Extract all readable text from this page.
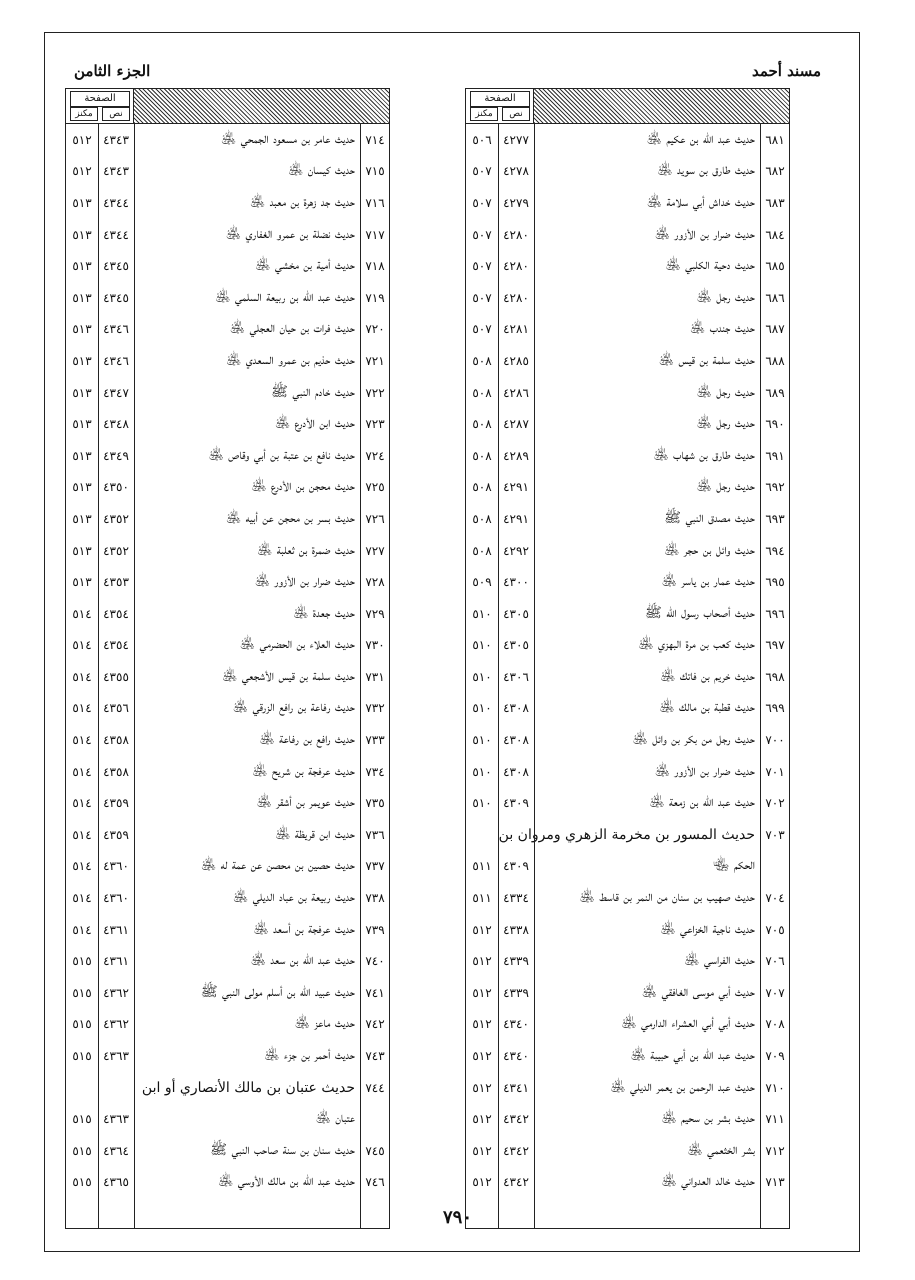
مسند أحمد
الجزء الثامن
الصفحة
نص
مكنز
٦٨١
حديث عبد الله بن عكيم ﵁
٤٢٧٧
٥٠٦
٦٨٢
حديث طارق بن سويد ﵁
٤٢٧٨
٥٠٧
٦٨٣
حديث خداش أبي سلامة ﵁
٤٢٧٩
٥٠٧
٦٨٤
حديث ضرار بن الأزور ﵁
٤٢٨٠
٥٠٧
٦٨٥
حديث دحية الكلبي ﵁
٤٢٨٠
٥٠٧
٦٨٦
حديث رجل ﵁
٤٢٨٠
٥٠٧
٦٨٧
حديث جندب ﵁
٤٢٨١
٥٠٧
٦٨٨
حديث سلمة بن قيس ﵁
٤٢٨٥
٥٠٨
٦٨٩
حديث رجل ﵁
٤٢٨٦
٥٠٨
٦٩٠
حديث رجل ﵁
٤٢٨٧
٥٠٨
٦٩١
حديث طارق بن شهاب ﵁
٤٢٨٩
٥٠٨
٦٩٢
حديث رجل ﵁
٤٢٩١
٥٠٨
٦٩٣
حديث مصدق النبي ﷺ
٤٢٩١
٥٠٨
٦٩٤
حديث وائل بن حجر ﵁
٤٢٩٢
٥٠٨
٦٩٥
حديث عمار بن ياسر ﵁
٤٣٠٠
٥٠٩
٦٩٦
حديث أصحاب رسول الله ﷺ
٤٣٠٥
٥١٠
٦٩٧
حديث كعب بن مرة البهزي ﵁
٤٣٠٥
٥١٠
٦٩٨
حديث خريم بن فاتك ﵁
٤٣٠٦
٥١٠
٦٩٩
حديث قطبة بن مالك ﵁
٤٣٠٨
٥١٠
٧٠٠
حديث رجل من بكر بن وائل ﵁
٤٣٠٨
٥١٠
٧٠١
حديث ضرار بن الأزور ﵁
٤٣٠٨
٥١٠
٧٠٢
حديث عبد الله بن زمعة ﵁
٤٣٠٩
٥١٠
٧٠٣
حديث المسور بن مخرمة الزهري ومروان بن
الحكم ﵄
٤٣٠٩
٥١١
٧٠٤
حديث صهيب بن سنان من النمر بن قاسط ﵁
٤٣٣٤
٥١١
٧٠٥
حديث ناجية الخزاعي ﵁
٤٣٣٨
٥١٢
٧٠٦
حديث الفراسي ﵁
٤٣٣٩
٥١٢
٧٠٧
حديث أبي موسى الغافقي ﵁
٤٣٣٩
٥١٢
٧٠٨
حديث أبي أبي العشراء الدارمي ﵁
٤٣٤٠
٥١٢
٧٠٩
حديث عبد الله بن أبي حبيبة ﵁
٤٣٤٠
٥١٢
٧١٠
حديث عبد الرحمن بن يعمر الديلي ﵁
٤٣٤١
٥١٢
٧١١
حديث بشر بن سحيم ﵁
٤٣٤٢
٥١٢
٧١٢
بشر الخثعمي ﵁
٤٣٤٢
٥١٢
٧١٣
حديث خالد العدواني ﵁
٤٣٤٢
٥١٢
الصفحة
نص
مكنز
٧١٤
حديث عامر بن مسعود الجمحي ﵁
٤٣٤٣
٥١٢
٧١٥
حديث كيسان ﵁
٤٣٤٣
٥١٢
٧١٦
حديث جد زهرة بن معبد ﵁
٤٣٤٤
٥١٣
٧١٧
حديث نضلة بن عمرو الغفاري ﵁
٤٣٤٤
٥١٣
٧١٨
حديث أمية بن مخشي ﵁
٤٣٤٥
٥١٣
٧١٩
حديث عبد الله بن ربيعة السلمي ﵁
٤٣٤٥
٥١٣
٧٢٠
حديث فرات بن حيان العجلي ﵁
٤٣٤٦
٥١٣
٧٢١
حديث حذيم بن عمرو السعدي ﵁
٤٣٤٦
٥١٣
٧٢٢
حديث خادم النبي ﷺ
٤٣٤٧
٥١٣
٧٢٣
حديث ابن الأدرع ﵁
٤٣٤٨
٥١٣
٧٢٤
حديث نافع بن عتبة بن أبي وقاص ﵁
٤٣٤٩
٥١٣
٧٢٥
حديث محجن بن الأدرع ﵁
٤٣٥٠
٥١٣
٧٢٦
حديث بسر بن محجن عن أبيه ﵁
٤٣٥٢
٥١٣
٧٢٧
حديث ضمرة بن ثعلبة ﵁
٤٣٥٢
٥١٣
٧٢٨
حديث ضرار بن الأزور ﵁
٤٣٥٣
٥١٣
٧٢٩
حديث جعدة ﵁
٤٣٥٤
٥١٤
٧٣٠
حديث العلاء بن الحضرمي ﵁
٤٣٥٤
٥١٤
٧٣١
حديث سلمة بن قيس الأشجعي ﵁
٤٣٥٥
٥١٤
٧٣٢
حديث رفاعة بن رافع الزرقي ﵁
٤٣٥٦
٥١٤
٧٣٣
حديث رافع بن رفاعة ﵁
٤٣٥٨
٥١٤
٧٣٤
حديث عرفجة بن شريح ﵁
٤٣٥٨
٥١٤
٧٣٥
حديث عويمر بن أشقر ﵁
٤٣٥٩
٥١٤
٧٣٦
حديث ابن قريظة ﵁
٤٣٥٩
٥١٤
٧٣٧
حديث حصين بن محصن عن عمة له ﵁
٤٣٦٠
٥١٤
٧٣٨
حديث ربيعة بن عباد الديلي ﵁
٤٣٦٠
٥١٤
٧٣٩
حديث عرفجة بن أسعد ﵁
٤٣٦١
٥١٤
٧٤٠
حديث عبد الله بن سعد ﵁
٤٣٦١
٥١٥
٧٤١
حديث عبيد الله بن أسلم مولى النبي ﷺ
٤٣٦٢
٥١٥
٧٤٢
حديث ماعز ﵁
٤٣٦٢
٥١٥
٧٤٣
حديث أحمر بن جزء ﵁
٤٣٦٣
٥١٥
٧٤٤
حديث عتبان بن مالك الأنصاري أو ابن
عتبان ﵁
٤٣٦٣
٥١٥
٧٤٥
حديث سنان بن سنة صاحب النبي ﷺ
٤٣٦٤
٥١٥
٧٤٦
حديث عبد الله بن مالك الأوسي ﵁
٤٣٦٥
٥١٥
٧٩٠
